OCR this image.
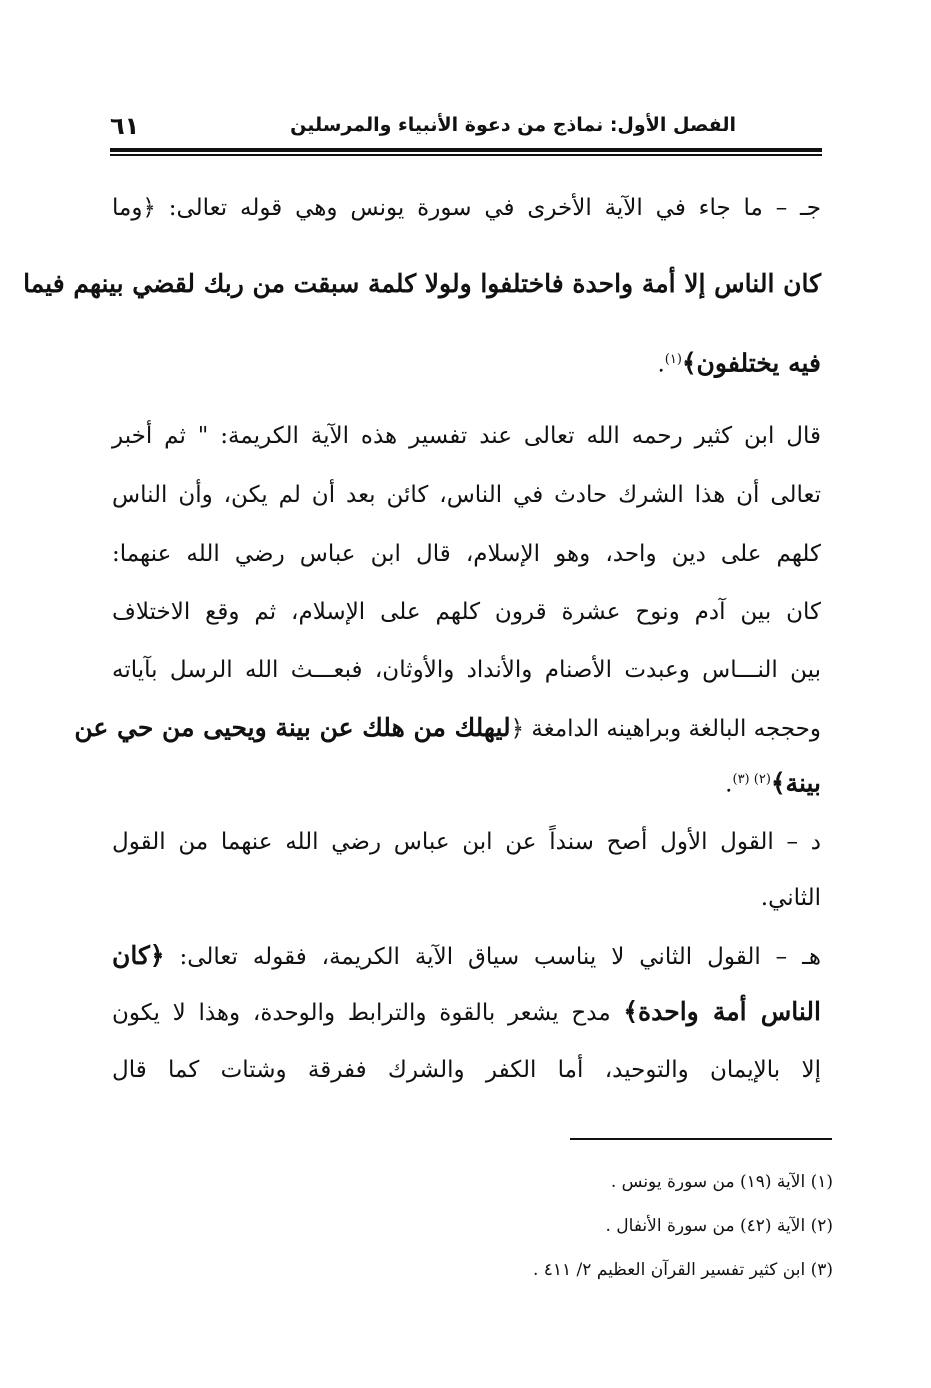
الفصل الأول: نماذج من دعوة الأنبياء والمرسلين
٦١
جـ – ما جاء في الآية الأخرى في سورة يونس وهي قوله تعالى: ﴿وما
كان الناس إلا أمة واحدة فاختلفوا ولولا كلمة سبقت من ربك لقضي بينهم فيما
فيه يختلفون﴾$^{(١)}$.
قال ابن كثير رحمه الله تعالى عند تفسير هذه الآية الكريمة: " ثم أخبر
تعالى أن هذا الشرك حادث في الناس، كائن بعد أن لم يكن، وأن الناس
كلهم على دين واحد، وهو الإسلام، قال ابن عباس رضي الله عنهما:
كان بين آدم ونوح عشرة قرون كلهم على الإسلام، ثم وقع الاختلاف
بين النـــاس وعبدت الأصنام والأنداد والأوثان، فبعـــث الله الرسل بآياته
وحججه البالغة وبراهينه الدامغة ﴿ليهلك من هلك عن بينة ويحيى من حي عن
بينة﴾$^{(٢) (٣)}$.
د – القول الأول أصح سنداً عن ابن عباس رضي الله عنهما من القول
الثاني.
هـ – القول الثاني لا يناسب سياق الآية الكريمة، فقوله تعالى: ﴿كان
الناس أمة واحدة﴾ مدح يشعر بالقوة والترابط والوحدة، وهذا لا يكون
إلا بالإيمان والتوحيد، أما الكفر والشرك ففرقة وشتات كما قال
(١) الآية (١٩) من سورة يونس .
(٢) الآية (٤٢) من سورة الأنفال .
(٣) ابن كثير تفسير القرآن العظيم ٢/ ٤١١ .
